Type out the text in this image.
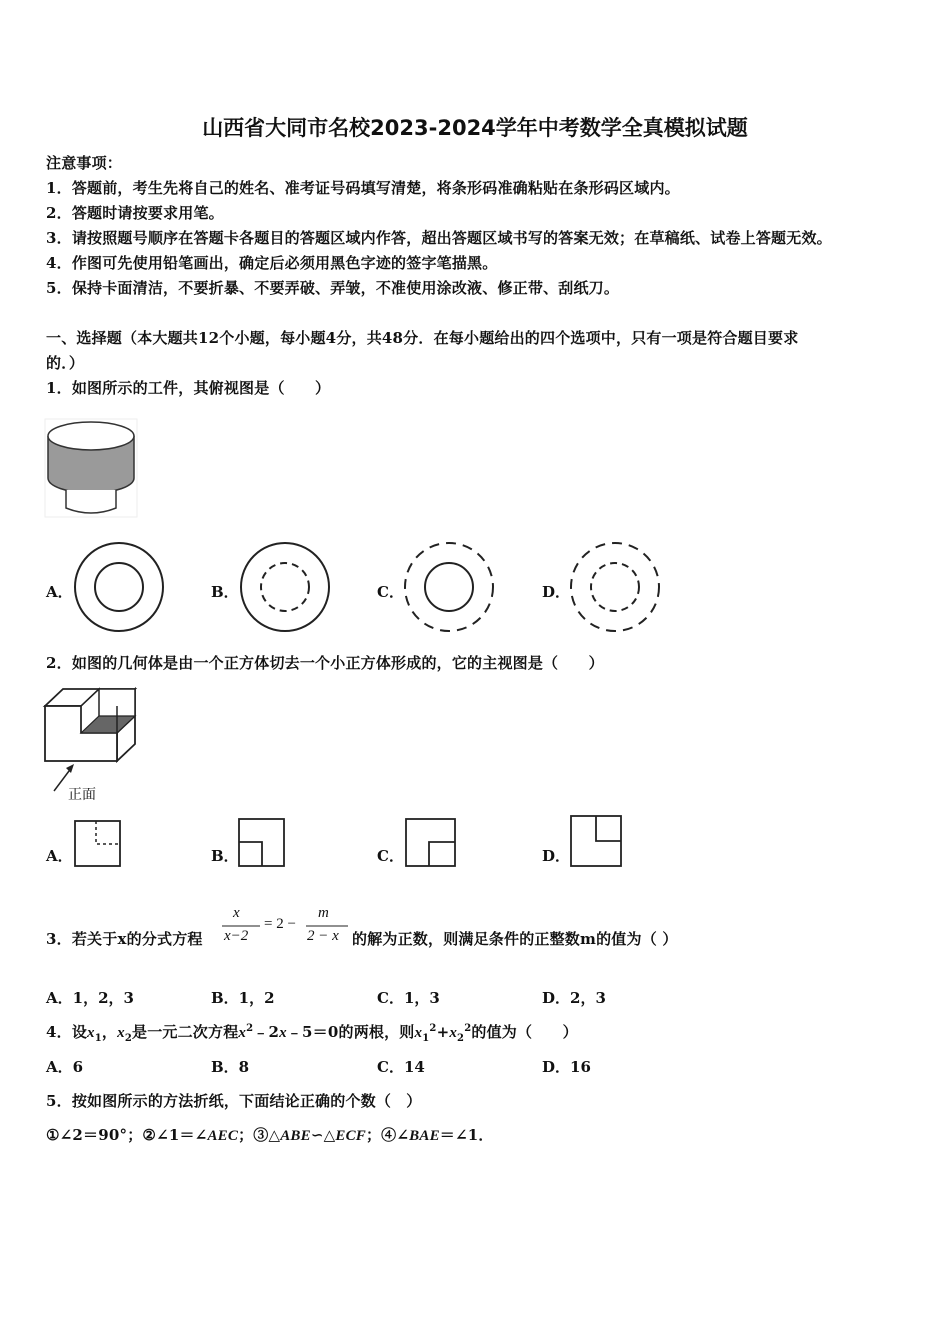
山西省大同市名校2023-2024学年中考数学全真模拟试题
注意事项：
1．答题前，考生先将自己的姓名、准考证号码填写清楚，将条形码准确粘贴在条形码区域内。
2．答题时请按要求用笔。
3．请按照题号顺序在答题卡各题目的答题区域内作答，超出答题区域书写的答案无效；在草稿纸、试卷上答题无效。
4．作图可先使用铅笔画出，确定后必须用黑色字迹的签字笔描黑。
5．保持卡面清洁，不要折暴、不要弄破、弄皱，不准使用涂改液、修正带、刮纸刀。
一、选择题（本大题共12个小题，每小题4分，共48分．在每小题给出的四个选项中，只有一项是符合题目要求
的．）
1．如图所示的工件，其俯视图是（　　）
A．	B．	C．	D．
2．如图的几何体是由一个正方体切去一个小正方体形成的，它的主视图是（　　）
正面
A．	B．	C．	D．
3．若关于x的分式方程
x
x−2
= 2 −
m
2 − x 的解为正数，则满足条件的正整数m的值为（ ）
A．1，2，3	B．1，2	C．1，3	D．2，3
4．设$x_1$，$x_2$是一元二次方程$x^2﹣2x﹣5=0$的两根，则$x_1^2+x_2^2$的值为（　　）
A．6	B．8	C．14	D．16
5．按如图所示的方法折纸，下面结论正确的个数（　）
①∠2＝90°；②∠1＝∠AEC；③△ABE∽△ECF；④∠BAE＝∠1．
